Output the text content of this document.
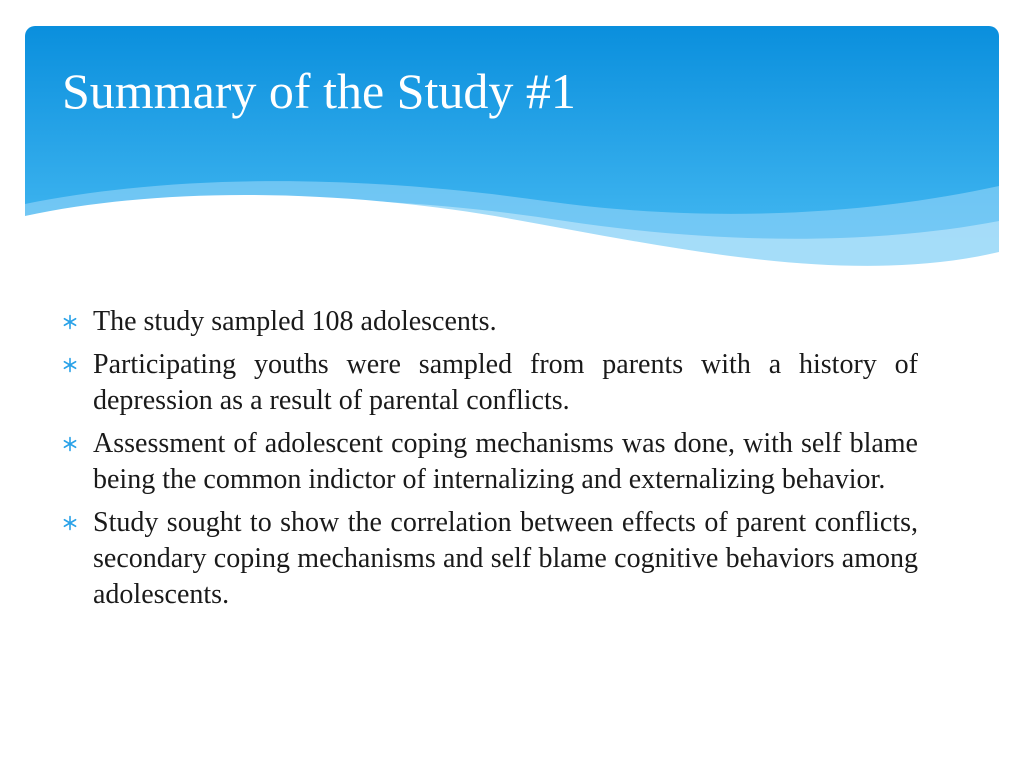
Summary of the Study #1
The study sampled 108 adolescents.
Participating youths were sampled from parents with a history of depression as a result of parental conflicts.
Assessment of adolescent coping mechanisms was done, with self blame being the common indictor of internalizing and externalizing behavior.
Study sought to show the correlation between effects of parent conflicts, secondary coping mechanisms and self blame cognitive behaviors among adolescents.
